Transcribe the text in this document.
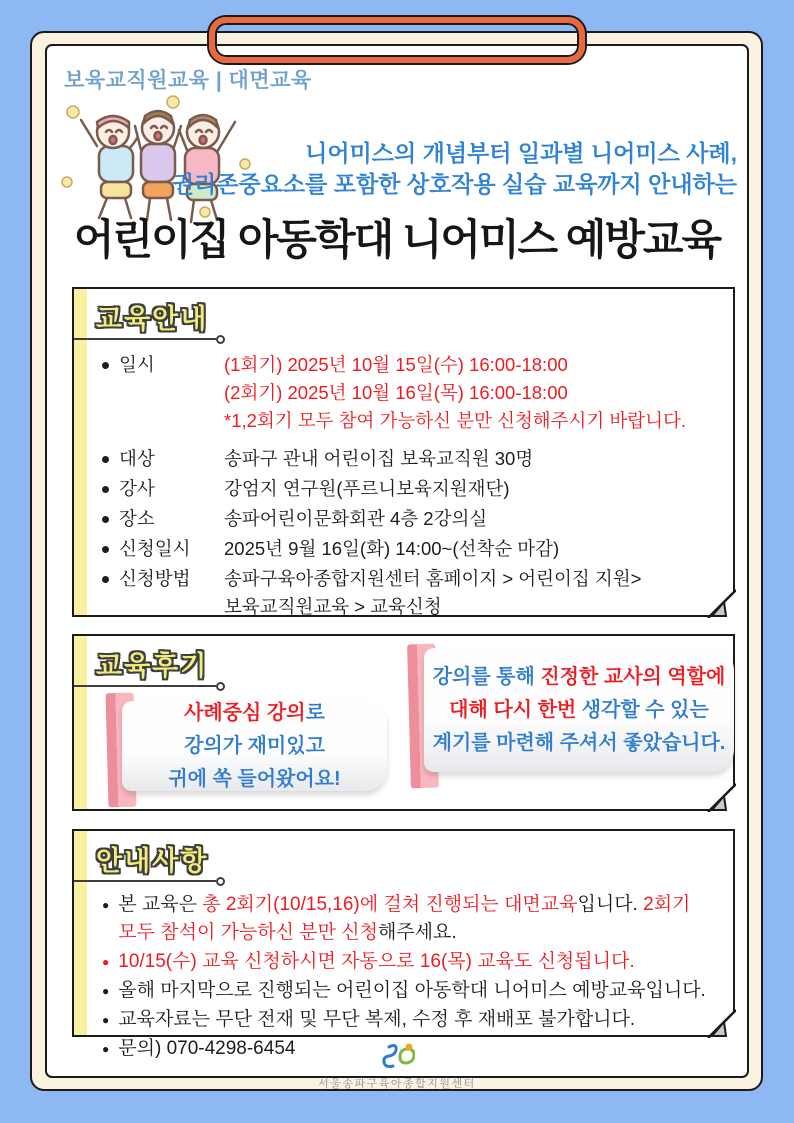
보육교직원교육 | 대면교육
니어미스의 개념부터 일과별 니어미스 사례,
권리존중요소를 포함한 상호작용 실습 교육까지 안내하는
어린이집 아동학대 니어미스 예방교육
교육안내
일시	(1회기) 2025년 10월 15일(수) 16:00-18:00
(2회기) 2025년 10월 16일(목) 16:00-18:00
*1,2회기 모두 참여 가능하신 분만 신청해주시기 바랍니다.
대상	송파구 관내 어린이집 보육교직원 30명
강사	강엄지 연구원(푸르니보육지원재단)
장소	송파어린이문화회관 4층 2강의실
신청일시 2025년 9월 16일(화) 14:00~(선착순 마감)
신청방법 송파구육아종합지원센터 홈페이지 > 어린이집 지원>
보육교직원교육 > 교육신청
교육후기
사례중심 강의로
강의가 재미있고
귀에 쏙 들어왔어요!
강의를 통해 진정한 교사의 역할에
대해 다시 한번 생각할 수 있는
계기를 마련해 주셔서 좋았습니다.
안내사항
● 본 교육은 총 2회기(10/15,16)에 걸쳐 진행되는 대면교육입니다. 2회기 모두 참석이 가능하신 분만 신청해주세요.
● 10/15(수) 교육 신청하시면 자동으로 16(목) 교육도 신청됩니다.
● 올해 마지막으로 진행되는 어린이집 아동학대 니어미스 예방교육입니다.
● 교육자료는 무단 전재 및 무단 복제, 수정 후 재배포 불가합니다.
● 문의) 070-4298-6454
서울송파구육아종합지원센터
